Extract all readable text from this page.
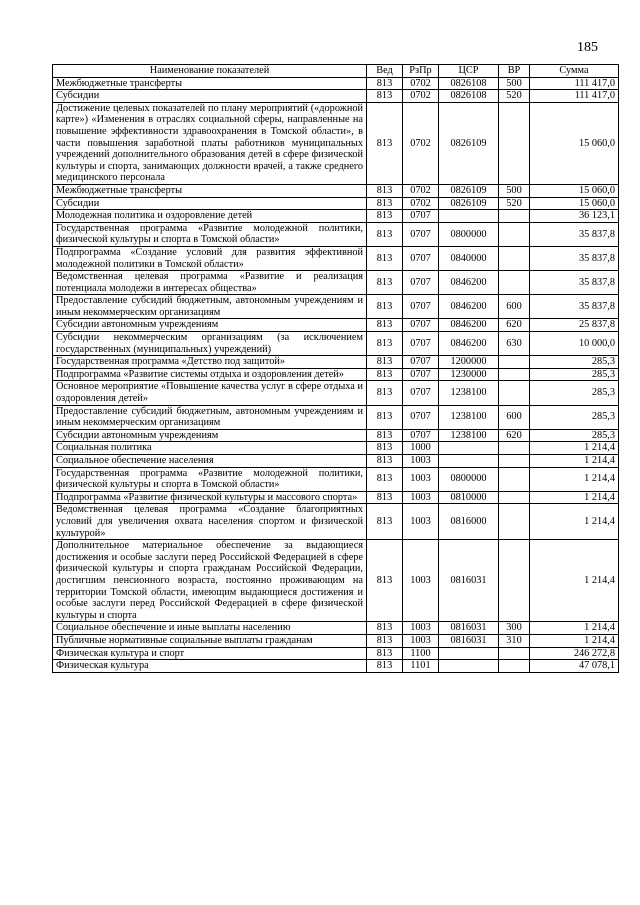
185
Наименование показателей	Вед	РзПр	ЦСР	ВР	Сумма
Межбюджетные трансферты	813	0702	0826108	500	111 417,0
Субсидии	813	0702	0826108	520	111 417,0
Достижение целевых показателей по плану мероприятий («дорожной карте») «Изменения в отраслях социальной сферы, направленные на повышение эффективности здравоохранения в Томской области», в части повышения заработной платы работников муниципальных учреждений дополнительного образования детей в сфере физической культуры и спорта, занимающих должности врачей, а также среднего медицинского персонала	813	0702	0826109		15 060,0
Межбюджетные трансферты	813	0702	0826109	500	15 060,0
Субсидии	813	0702	0826109	520	15 060,0
Молодежная политика и оздоровление детей	813	0707			36 123,1
Государственная программа «Развитие молодежной политики, физической культуры и спорта в Томской области»	813	0707	0800000		35 837,8
Подпрограмма «Создание условий для развития эффективной молодежной политики в Томской области»	813	0707	0840000		35 837,8
Ведомственная целевая программа «Развитие и реализация потенциала молодежи в интересах общества»	813	0707	0846200		35 837,8
Предоставление субсидий бюджетным, автономным учреждениям и иным некоммерческим организациям	813	0707	0846200	600	35 837,8
Субсидии автономным учреждениям	813	0707	0846200	620	25 837,8
Субсидии некоммерческим организациям (за исключением государственных (муниципальных) учреждений)	813	0707	0846200	630	10 000,0
Государственная программа «Детство под защитой»	813	0707	1200000		285,3
Подпрограмма «Развитие системы отдыха и оздоровления детей»	813	0707	1230000		285,3
Основное мероприятие «Повышение качества услуг в сфере отдыха и оздоровления детей»	813	0707	1238100		285,3
Предоставление субсидий бюджетным, автономным учреждениям и иным некоммерческим организациям	813	0707	1238100	600	285,3
Субсидии автономным учреждениям	813	0707	1238100	620	285,3
Социальная политика	813	1000			1 214,4
Социальное обеспечение населения	813	1003			1 214,4
Государственная программа «Развитие молодежной политики, физической культуры и спорта в Томской области»	813	1003	0800000		1 214,4
Подпрограмма «Развитие физической культуры и массового спорта»	813	1003	0810000		1 214,4
Ведомственная целевая программа «Создание благоприятных условий для увеличения охвата населения спортом и физической культурой»	813	1003	0816000		1 214,4
Дополнительное материальное обеспечение за выдающиеся достижения и особые заслуги перед Российской Федерацией в сфере физической культуры и спорта гражданам Российской Федерации, достигшим пенсионного возраста, постоянно проживающим на территории Томской области, имеющим выдающиеся достижения и особые заслуги перед Российской Федерацией в сфере физической культуры и спорта	813	1003	0816031		1 214,4
Социальное обеспечение и иные выплаты населению	813	1003	0816031	300	1 214,4
Публичные нормативные социальные выплаты гражданам	813	1003	0816031	310	1 214,4
Физическая культура и спорт	813	1100			246 272,8
Физическая культура	813	1101			47 078,1
